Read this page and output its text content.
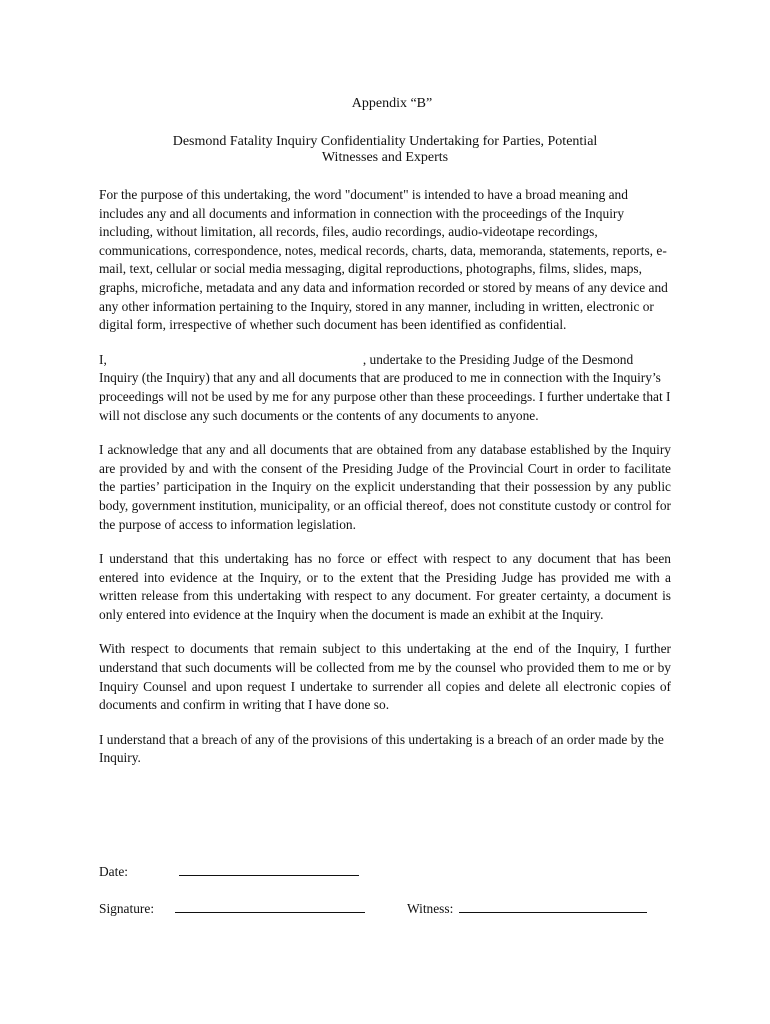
Appendix “B”
Desmond Fatality Inquiry Confidentiality Undertaking for Parties, Potential
Witnesses and Experts

For the purpose of this undertaking, the word "document" is intended to have a broad meaning and includes any and all documents and information in connection with the proceedings of the Inquiry including, without limitation, all records, files, audio recordings, audio-videotape recordings, communications, correspondence, notes, medical records, charts, data, memoranda, statements, reports, e-mail, text, cellular or social media messaging, digital reproductions, photographs, films, slides, maps, graphs, microfiche, metadata and any data and information recorded or stored by means of any device and any other information pertaining to the Inquiry, stored in any manner, including in written, electronic or digital form, irrespective of whether such document has been identified as confidential.

I,	, undertake to the Presiding Judge of the Desmond Inquiry (the Inquiry) that any and all documents that are produced to me in connection with the Inquiry’s proceedings will not be used by me for any purpose other than these proceedings. I further undertake that I will not disclose any such documents or the contents of any documents to anyone.

I acknowledge that any and all documents that are obtained from any database established by the Inquiry are provided by and with the consent of the Presiding Judge of the Provincial Court in order to facilitate the parties’ participation in the Inquiry on the explicit understanding that their possession by any public body, government institution, municipality, or an official thereof, does not constitute custody or control for the purpose of access to information legislation.

I understand that this undertaking has no force or effect with respect to any document that has been entered into evidence at the Inquiry, or to the extent that the Presiding Judge has provided me with a written release from this undertaking with respect to any document. For greater certainty, a document is only entered into evidence at the Inquiry when the document is made an exhibit at the Inquiry.

With respect to documents that remain subject to this undertaking at the end of the Inquiry, I further understand that such documents will be collected from me by the counsel who provided them to me or by Inquiry Counsel and upon request I undertake to surrender all copies and delete all electronic copies of documents and confirm in writing that I have done so.

I understand that a breach of any of the provisions of this undertaking is a breach of an order made by the Inquiry.

Date:
Signature:	Witness:
